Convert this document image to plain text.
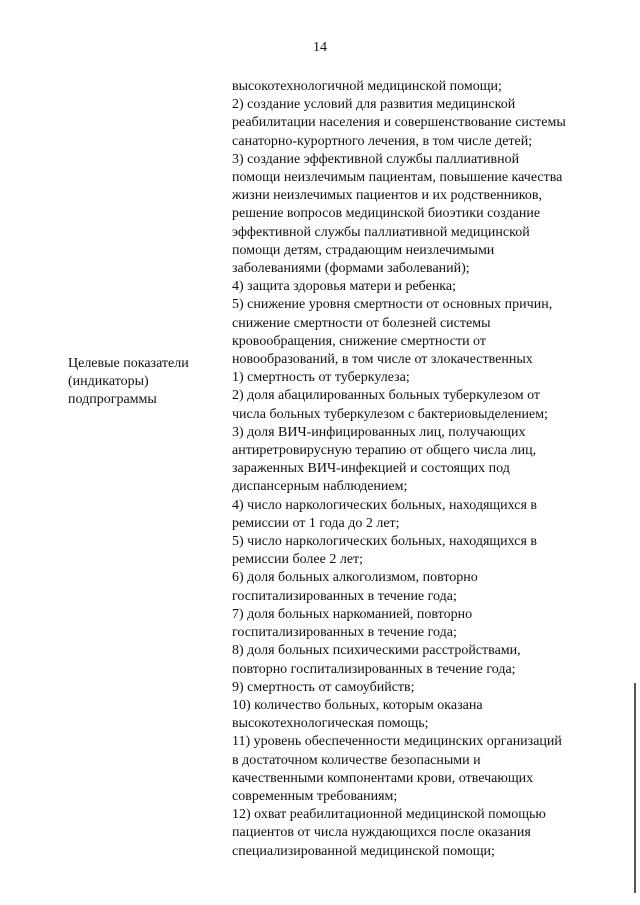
14
Целевые показатели
(индикаторы)
подпрограммы
высокотехнологичной медицинской помощи;
2) создание условий для развития медицинской
реабилитации населения и совершенствование системы
санаторно-курортного лечения, в том числе детей;
3) создание эффективной службы паллиативной
помощи неизлечимым пациентам, повышение качества
жизни неизлечимых пациентов и их родственников,
решение вопросов медицинской биоэтики создание
эффективной службы паллиативной медицинской
помощи детям, страдающим неизлечимыми
заболеваниями (формами заболеваний);
4) защита здоровья матери и ребенка;
5) снижение уровня смертности от основных причин,
снижение смертности от болезней системы
кровообращения, снижение смертности от
новообразований, в том числе от злокачественных
1) смертность от туберкулеза;
2) доля абацилированных больных туберкулезом от
числа больных туберкулезом с бактериовыделением;
3) доля ВИЧ-инфицированных лиц, получающих
антиретровирусную терапию от общего числа лиц,
зараженных ВИЧ-инфекцией и состоящих под
диспансерным наблюдением;
4) число наркологических больных, находящихся в
ремиссии от 1 года до 2 лет;
5) число наркологических больных, находящихся в
ремиссии более 2 лет;
6) доля больных алкоголизмом, повторно
госпитализированных в течение года;
7) доля больных наркоманией, повторно
госпитализированных в течение года;
8) доля больных психическими расстройствами,
повторно госпитализированных в течение года;
9) смертность от самоубийств;
10) количество больных, которым оказана
высокотехнологическая помощь;
11) уровень обеспеченности медицинских организаций
в достаточном количестве безопасными и
качественными компонентами крови, отвечающих
современным требованиям;
12) охват реабилитационной медицинской помощью
пациентов от числа нуждающихся после оказания
специализированной медицинской помощи;
